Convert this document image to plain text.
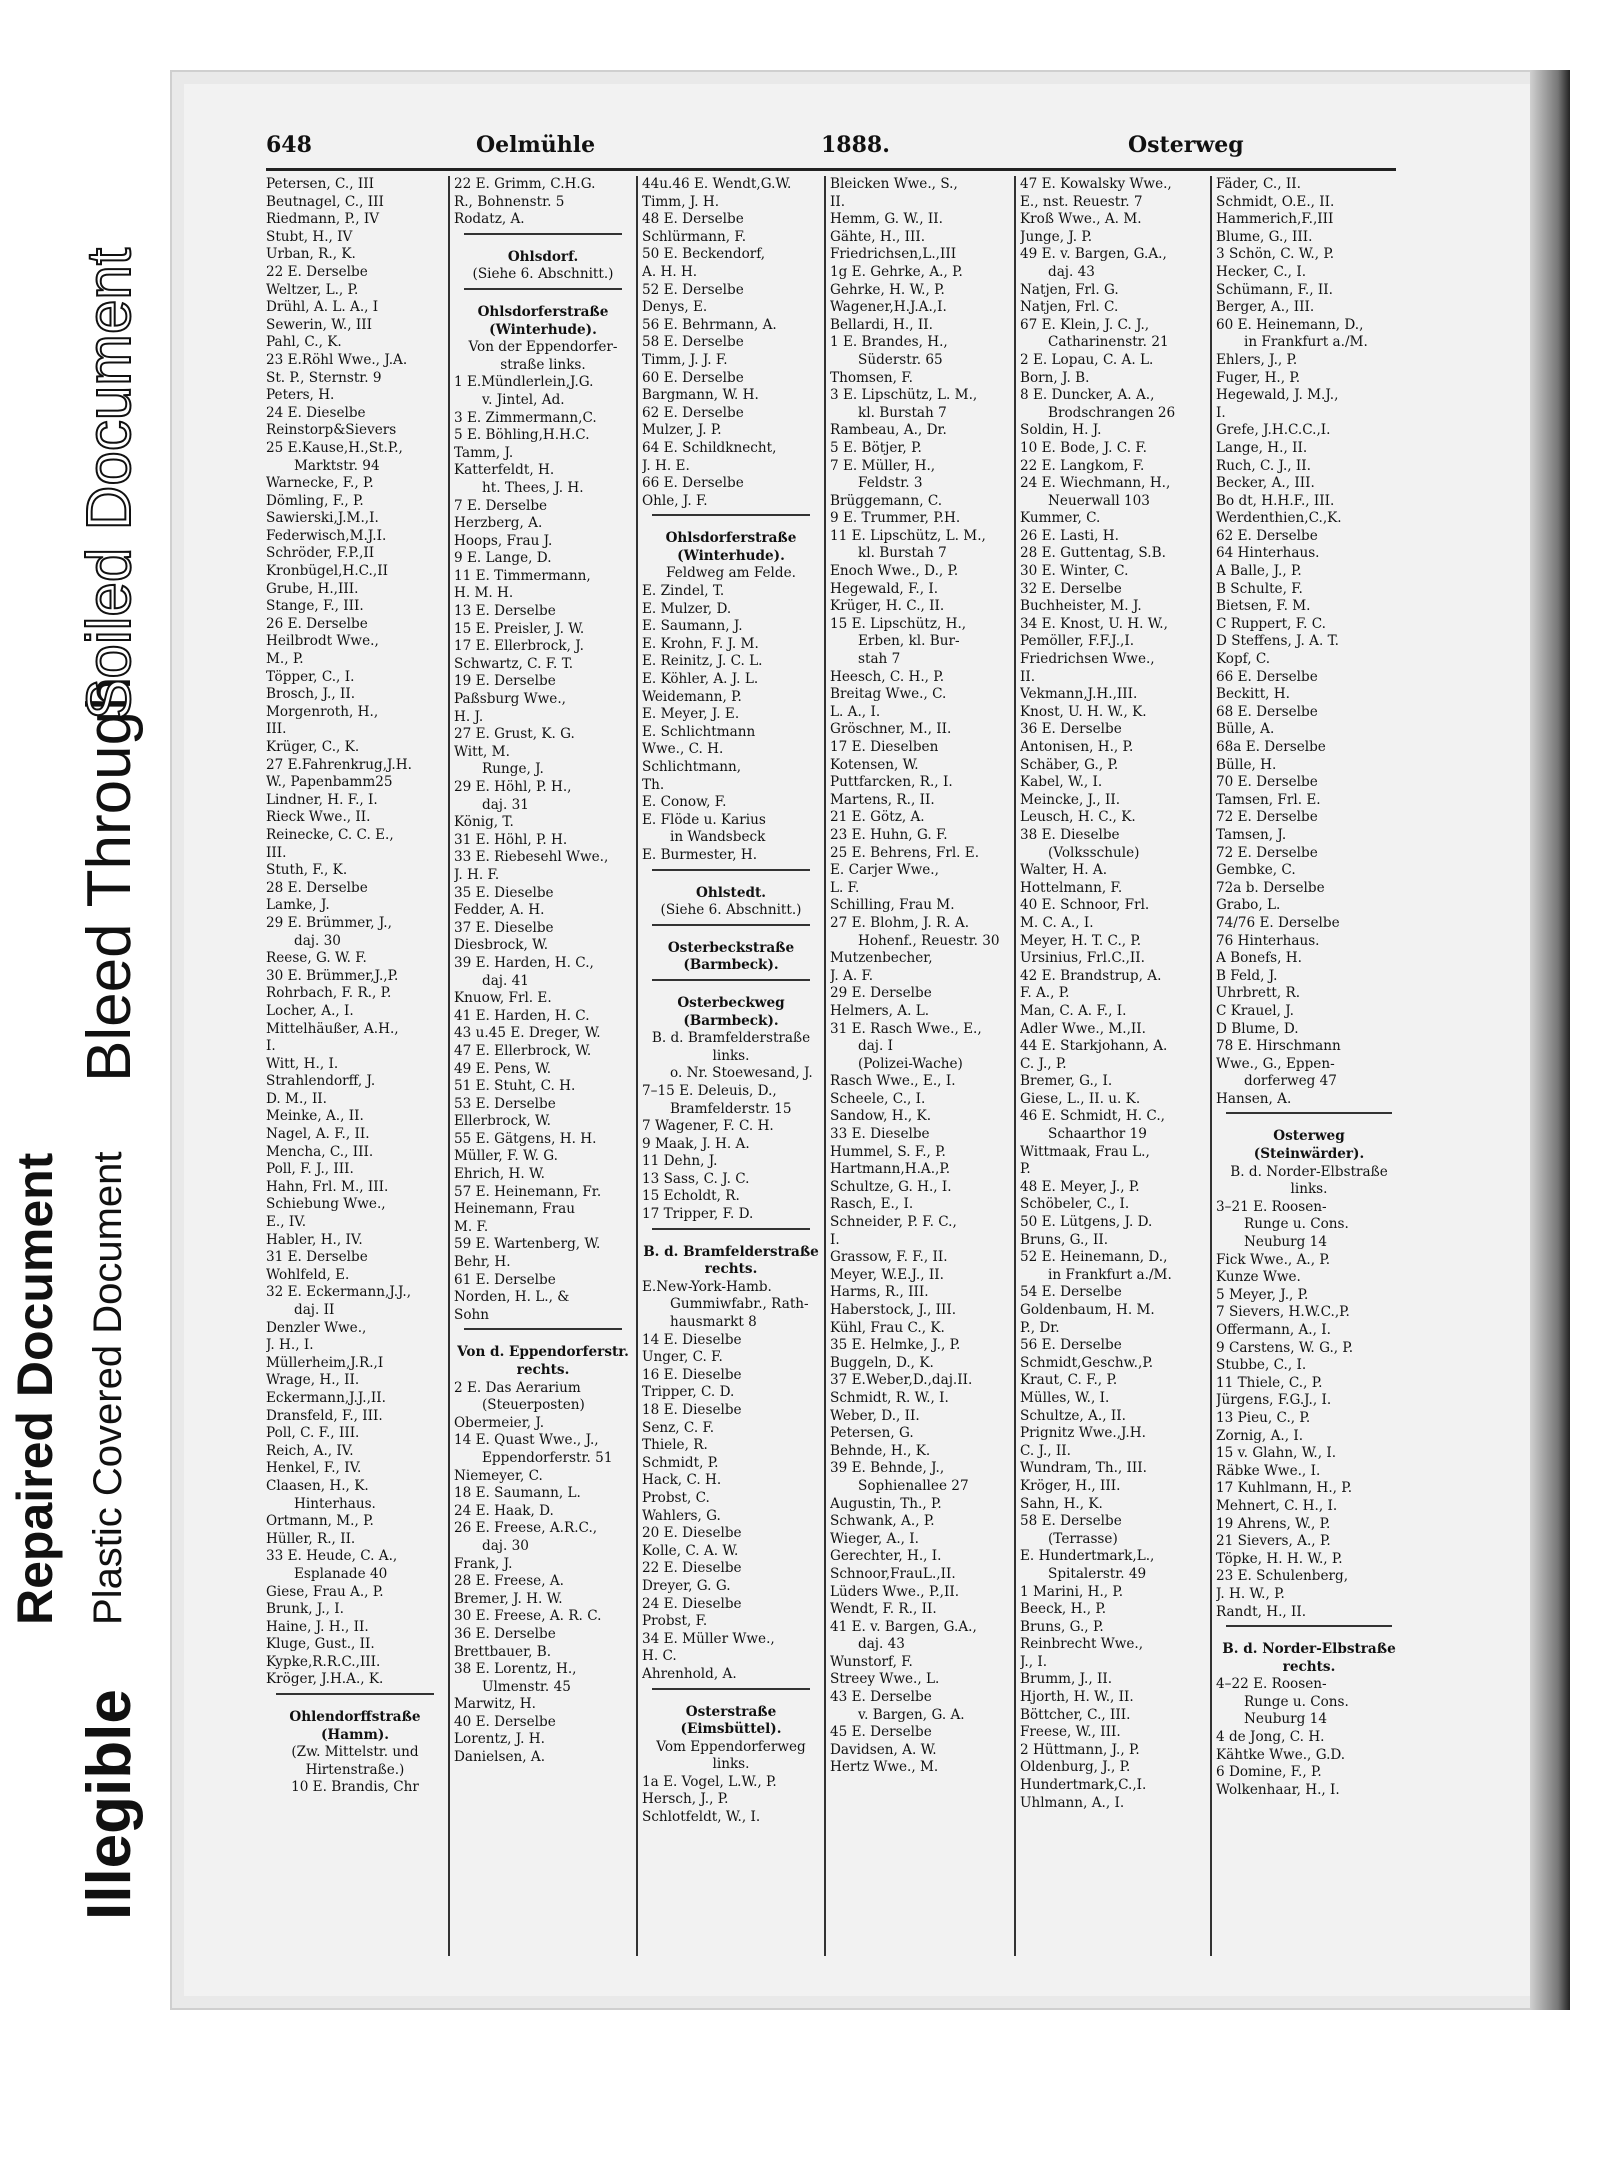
Illegible
Bleed Through
Soiled Document
Repaired Document Plastic Covered Document
648	Oelmühle	1888.	Osterweg
Petersen, C., III
Beutnagel, C., III
Riedmann, P., IV
Stubt, H., IV
Urban, R., K.
22 E. Derselbe
Weltzer, L., P.
Drühl, A. L. A., I
Sewerin, W., III
Pahl, C., K.
23 E.Röhl Wwe., J.A.
St. P., Sternstr. 9
Peters, H.
24 E. Dieselbe
Reinstorp&Sievers
25 E.Kause,H.,St.P.,
Marktstr. 94
Warnecke, F., P.
Dömling, F., P.
Sawierski,J.M.,I.
Federwisch,M.J.I.
Schröder, F.P.,II
Kronbügel,H.C.,II
Grube, H.,III.
Stange, F., III.
26 E. Derselbe
Heilbrodt Wwe.,
M., P.
Töpper, C., I.
Brosch, J., II.
Morgenroth, H.,
III.
Krüger, C., K.
27 E.Fahrenkrug,J.H.
W., Papenbamm25
Lindner, H. F., I.
Rieck Wwe., II.
Reinecke, C. C. E.,
III.
Stuth, F., K.
28 E. Derselbe
Lamke, J.
29 E. Brümmer, J.,
daj. 30
Reese, G. W. F.
30 E. Brümmer,J.,P.
Rohrbach, F. R., P.
Locher, A., I.
Mittelhäußer, A.H.,
I.
Witt, H., I.
Strahlendorff, J.
D. M., II.
Meinke, A., II.
Nagel, A. F., II.
Mencha, C., III.
Poll, F. J., III.
Hahn, Frl. M., III.
Schiebung Wwe.,
E., IV.
Habler, H., IV.
31 E. Derselbe
Wohlfeld, E.
32 E. Eckermann,J.J.,
daj. II
Denzler Wwe.,
J. H., I.
Müllerheim,J.R.,I
Wrage, H., II.
Eckermann,J.J.,II.
Dransfeld, F., III.
Poll, C. F., III.
Reich, A., IV.
Henkel, F., IV.
Claasen, H., K.
Hinterhaus.
Ortmann, M., P.
Hüller, R., II.
33 E. Heude, C. A.,
Esplanade 40
Giese, Frau A., P.
Brunk, J., I.
Haine, J. H., II.
Kluge, Gust., II.
Kypke,R.R.C.,III.
Kröger, J.H.A., K.
Ohlendorffstraße
(Hamm).
(Zw. Mittelstr. und
Hirtenstraße.)
10 E. Brandis, Chr
22 E. Grimm, C.H.G.
R., Bohnenstr. 5
Rodatz, A.
Ohlsdorf.
(Siehe 6. Abschnitt.)
Ohlsdorferstraße
(Winterhude).
Von der Eppendorfer-
straße links.
1 E.Mündlerlein,J.G.
v. Jintel, Ad.
3 E. Zimmermann,C.
5 E. Böhling,H.H.C.
Tamm, J.
Katterfeldt, H.
ht. Thees, J. H.
7 E. Derselbe
Herzberg, A.
Hoops, Frau J.
9 E. Lange, D.
11 E. Timmermann,
H. M. H.
13 E. Derselbe
15 E. Preisler, J. W.
17 E. Ellerbrock, J.
Schwartz, C. F. T.
19 E. Derselbe
Paßsburg Wwe.,
H. J.
27 E. Grust, K. G.
Witt, M.
Runge, J.
29 E. Höhl, P. H.,
daj. 31
König, T.
31 E. Höhl, P. H.
33 E. Riebesehl Wwe.,
J. H. F.
35 E. Dieselbe
Fedder, A. H.
37 E. Dieselbe
Diesbrock, W.
39 E. Harden, H. C.,
daj. 41
Knuow, Frl. E.
41 E. Harden, H. C.
43 u.45 E. Dreger, W.
47 E. Ellerbrock, W.
49 E. Pens, W.
51 E. Stuht, C. H.
53 E. Derselbe
Ellerbrock, W.
55 E. Gätgens, H. H.
Müller, F. W. G.
Ehrich, H. W.
57 E. Heinemann, Fr.
Heinemann, Frau
M. F.
59 E. Wartenberg, W.
Behr, H.
61 E. Derselbe
Norden, H. L., &
Sohn
Von d. Eppendorferstr.
rechts.
2 E. Das Aerarium
(Steuerposten)
Obermeier, J.
14 E. Quast Wwe., J.,
Eppendorferstr. 51
Niemeyer, C.
18 E. Saumann, L.
24 E. Haak, D.
26 E. Freese, A.R.C.,
daj. 30
Frank, J.
28 E. Freese, A.
Bremer, J. H. W.
30 E. Freese, A. R. C.
36 E. Derselbe
Brettbauer, B.
38 E. Lorentz, H.,
Ulmenstr. 45
Marwitz, H.
40 E. Derselbe
Lorentz, J. H.
Danielsen, A.
44u.46 E. Wendt,G.W.
Timm, J. H.
48 E. Derselbe
Schlürmann, F.
50 E. Beckendorf,
A. H. H.
52 E. Derselbe
Denys, E.
56 E. Behrmann, A.
58 E. Derselbe
Timm, J. J. F.
60 E. Derselbe
Bargmann, W. H.
62 E. Derselbe
Mulzer, J. P.
64 E. Schildknecht,
J. H. E.
66 E. Derselbe
Ohle, J. F.
Ohlsdorferstraße
(Winterhude).
Feldweg am Felde.
E. Zindel, T.
E. Mulzer, D.
E. Saumann, J.
E. Krohn, F. J. M.
E. Reinitz, J. C. L.
E. Köhler, A. J. L.
Weidemann, P.
E. Meyer, J. E.
E. Schlichtmann
Wwe., C. H.
Schlichtmann,
Th.
E. Conow, F.
E. Flöde u. Karius
in Wandsbeck
E. Burmester, H.
Ohlstedt.
(Siehe 6. Abschnitt.)
Osterbeckstraße
(Barmbeck).
Osterbeckweg
(Barmbeck).
B. d. Bramfelderstraße
links.
o. Nr. Stoewesand, J.
7–15 E. Deleuis, D.,
Bramfelderstr. 15
7 Wagener, F. C. H.
9 Maak, J. H. A.
11 Dehn, J.
13 Sass, C. J. C.
15 Echoldt, R.
17 Tripper, F. D.
B. d. Bramfelderstraße
rechts.
E.New-York-Hamb.
Gummiwfabr., Rath-
hausmarkt 8
14 E. Dieselbe
Unger, C. F.
16 E. Dieselbe
Tripper, C. D.
18 E. Dieselbe
Senz, C. F.
Thiele, R.
Schmidt, P.
Hack, C. H.
Probst, C.
Wahlers, G.
20 E. Dieselbe
Kolle, C. A. W.
22 E. Dieselbe
Dreyer, G. G.
24 E. Dieselbe
Probst, F.
34 E. Müller Wwe.,
H. C.
Ahrenhold, A.
Osterstraße
(Eimsbüttel).
Vom Eppendorferweg
links.
1a E. Vogel, L.W., P.
Hersch, J., P.
Schlotfeldt, W., I.
Bleicken Wwe., S.,
II.
Hemm, G. W., II.
Gähte, H., III.
Friedrichsen,L.,III
1g E. Gehrke, A., P.
Gehrke, H. W., P.
Wagener,H.J.A.,I.
Bellardi, H., II.
1 E. Brandes, H.,
Süderstr. 65
Thomsen, F.
3 E. Lipschütz, L. M.,
kl. Burstah 7
Rambeau, A., Dr.
5 E. Bötjer, P.
7 E. Müller, H.,
Feldstr. 3
Brüggemann, C.
9 E. Trummer, P.H.
11 E. Lipschütz, L. M.,
kl. Burstah 7
Enoch Wwe., D., P.
Hegewald, F., I.
Krüger, H. C., II.
15 E. Lipschütz, H.,
Erben, kl. Bur-
stah 7
Heesch, C. H., P.
Breitag Wwe., C.
L. A., I.
Gröschner, M., II.
17 E. Dieselben
Kotensen, W.
Puttfarcken, R., I.
Martens, R., II.
21 E. Götz, A.
23 E. Huhn, G. F.
25 E. Behrens, Frl. E.
E. Carjer Wwe.,
L. F.
Schilling, Frau M.
27 E. Blohm, J. R. A.
Hohenf., Reuestr. 30
Mutzenbecher,
J. A. F.
29 E. Derselbe
Helmers, A. L.
31 E. Rasch Wwe., E.,
daj. I
(Polizei-Wache)
Rasch Wwe., E., I.
Scheele, C., I.
Sandow, H., K.
33 E. Dieselbe
Hummel, S. F., P.
Hartmann,H.A.,P.
Schultze, G. H., I.
Rasch, E., I.
Schneider, P. F. C.,
I.
Grassow, F. F., II.
Meyer, W.E.J., II.
Harms, R., III.
Haberstock, J., III.
Kühl, Frau C., K.
35 E. Helmke, J., P.
Buggeln, D., K.
37 E.Weber,D.,daj.II.
Schmidt, R. W., I.
Weber, D., II.
Petersen, G.
Behnde, H., K.
39 E. Behnde, J.,
Sophienallee 27
Augustin, Th., P.
Schwank, A., P.
Wieger, A., I.
Gerechter, H., I.
Schnoor,FrauL.,II.
Lüders Wwe., P.,II.
Wendt, F. R., II.
41 E. v. Bargen, G.A.,
daj. 43
Wunstorf, F.
Streey Wwe., L.
43 E. Derselbe
v. Bargen, G. A.
45 E. Derselbe
Davidsen, A. W.
Hertz Wwe., M.
47 E. Kowalsky Wwe.,
E., nst. Reuestr. 7
Kroß Wwe., A. M.
Junge, J. P.
49 E. v. Bargen, G.A.,
daj. 43
Natjen, Frl. G.
Natjen, Frl. C.
67 E. Klein, J. C. J.,
Catharinenstr. 21
2 E. Lopau, C. A. L.
Born, J. B.
8 E. Duncker, A. A.,
Brodschrangen 26
Soldin, H. J.
10 E. Bode, J. C. F.
22 E. Langkom, F.
24 E. Wiechmann, H.,
Neuerwall 103
Kummer, C.
26 E. Lasti, H.
28 E. Guttentag, S.B.
30 E. Winter, C.
32 E. Derselbe
Buchheister, M. J.
34 E. Knost, U. H. W.,
Pemöller, F.F.J.,I.
Friedrichsen Wwe.,
II.
Vekmann,J.H.,III.
Knost, U. H. W., K.
36 E. Derselbe
Antonisen, H., P.
Schäber, G., P.
Kabel, W., I.
Meincke, J., II.
Leusch, H. C., K.
38 E. Dieselbe
(Volksschule)
Walter, H. A.
Hottelmann, F.
40 E. Schnoor, Frl.
M. C. A., I.
Meyer, H. T. C., P.
Ursinius, Frl.C.,II.
42 E. Brandstrup, A.
F. A., P.
Man, C. A. F., I.
Adler Wwe., M.,II.
44 E. Starkjohann, A.
C. J., P.
Bremer, G., I.
Giese, L., II. u. K.
46 E. Schmidt, H. C.,
Schaarthor 19
Wittmaak, Frau L.,
P.
48 E. Meyer, J., P.
Schöbeler, C., I.
50 E. Lütgens, J. D.
Bruns, G., II.
52 E. Heinemann, D.,
in Frankfurt a./M.
54 E. Derselbe
Goldenbaum, H. M.
P., Dr.
56 E. Derselbe
Schmidt,Geschw.,P.
Kraut, C. F., P.
Mülles, W., I.
Schultze, A., II.
Prignitz Wwe.,J.H.
C. J., II.
Wundram, Th., III.
Kröger, H., III.
Sahn, H., K.
58 E. Derselbe
(Terrasse)
E. Hundertmark,L.,
Spitalerstr. 49
1 Marini, H., P.
Beeck, H., P.
Bruns, G., P.
Reinbrecht Wwe.,
J., I.
Brumm, J., II.
Hjorth, H. W., II.
Böttcher, C., III.
Freese, W., III.
2 Hüttmann, J., P.
Oldenburg, J., P.
Hundertmark,C.,I.
Uhlmann, A., I.
Fäder, C., II.
Schmidt, O.E., II.
Hammerich,F.,III
Blume, G., III.
3 Schön, C. W., P.
Hecker, C., I.
Schümann, F., II.
Berger, A., III.
60 E. Heinemann, D.,
in Frankfurt a./M.
Ehlers, J., P.
Fuger, H., P.
Hegewald, J. M.J.,
I.
Grefe, J.H.C.C.,I.
Lange, H., II.
Ruch, C. J., II.
Becker, A., III.
Bo dt, H.H.F., III.
Werdenthien,C.,K.
62 E. Derselbe
64 Hinterhaus.
A Balle, J., P.
B Schulte, F.
Bietsen, F. M.
C Ruppert, F. C.
D Steffens, J. A. T.
Kopf, C.
66 E. Derselbe
Beckitt, H.
68 E. Derselbe
Bülle, A.
68a E. Derselbe
Bülle, H.
70 E. Derselbe
Tamsen, Frl. E.
72 E. Derselbe
Tamsen, J.
72 E. Derselbe
Gembke, C.
72a b. Derselbe
Grabo, L.
74/76 E. Derselbe
76 Hinterhaus.
A Bonefs, H.
B Feld, J.
Uhrbrett, R.
C Krauel, J.
D Blume, D.
78 E. Hirschmann
Wwe., G., Eppen-
dorferweg 47
Hansen, A.
Osterweg
(Steinwärder).
B. d. Norder-Elbstraße
links.
3–21 E. Roosen-
Runge u. Cons.
Neuburg 14
Fick Wwe., A., P.
Kunze Wwe.
5 Meyer, J., P.
7 Sievers, H.W.C.,P.
Offermann, A., I.
9 Carstens, W. G., P.
Stubbe, C., I.
11 Thiele, C., P.
Jürgens, F.G.J., I.
13 Pieu, C., P.
Zornig, A., I.
15 v. Glahn, W., I.
Räbke Wwe., I.
17 Kuhlmann, H., P.
Mehnert, C. H., I.
19 Ahrens, W., P.
21 Sievers, A., P.
Töpke, H. H. W., P.
23 E. Schulenberg,
J. H. W., P.
Randt, H., II.
B. d. Norder-Elbstraße
rechts.
4–22 E. Roosen-
Runge u. Cons.
Neuburg 14
4 de Jong, C. H.
Kähtke Wwe., G.D.
6 Domine, F., P.
Wolkenhaar, H., I.
